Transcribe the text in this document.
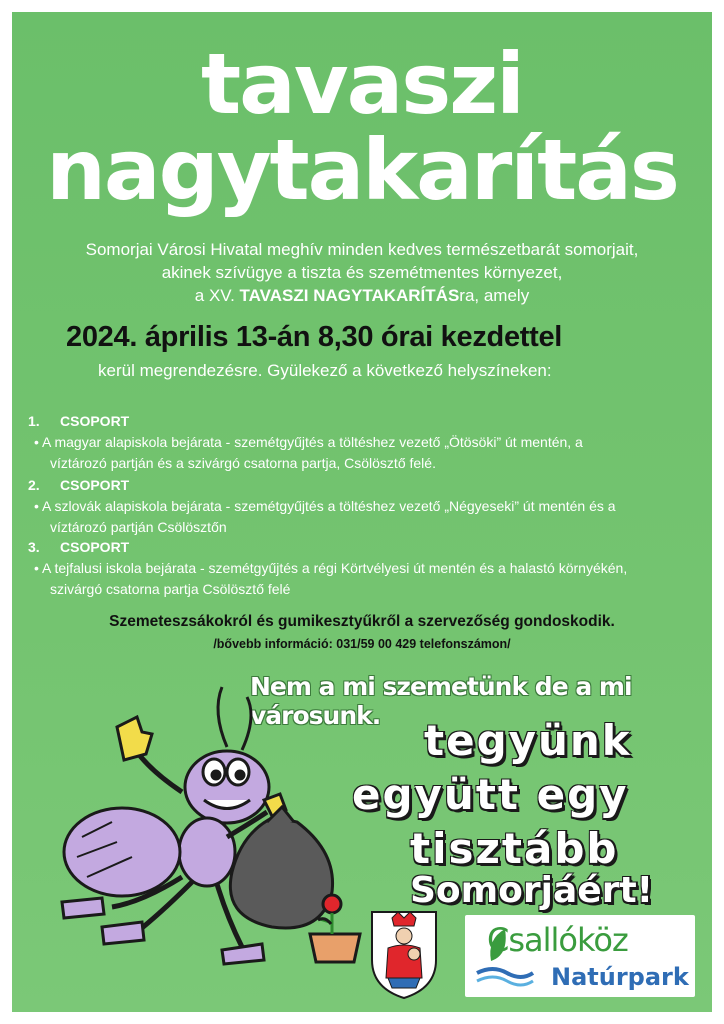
tavaszi
nagytakarítás
Somorjai Városi Hivatal meghív minden kedves természetbarát somorjait,
akinek szívügye a tiszta és szemétmentes környezet,
a XV. TAVASZI NAGYTAKARÍTÁSra, amely
2024. április 13-án 8,30 órai kezdettel
kerül megrendezésre. Gyülekező a következő helyszíneken:
1. CSOPORT
• A magyar alapiskola bejárata - szemétgyűjtés a töltéshez vezető „Ötösöki” út mentén, a
víztározó partján és a szivárgó csatorna partja, Csölösztő felé.
2. CSOPORT
• A szlovák alapiskola bejárata - szemétgyűjtés a töltéshez vezető „Négyeseki” út mentén és a
víztározó partján Csölösztőn
3. CSOPORT
• A tejfalusi iskola bejárata - szemétgyűjtés a régi Körtvélyesi út mentén és a halastó környékén,
szivárgó csatorna partja Csölösztő felé
Szemeteszsákokról és gumikesztyűkről a szervezőség gondoskodik.
/bővebb információ: 031/59 00 429 telefonszámon/
Nem a mi szemetünk de a mi városunk.
tegyünk
együtt egy
tisztább
Somorjáért!
Csallóköz
Natúrpark
